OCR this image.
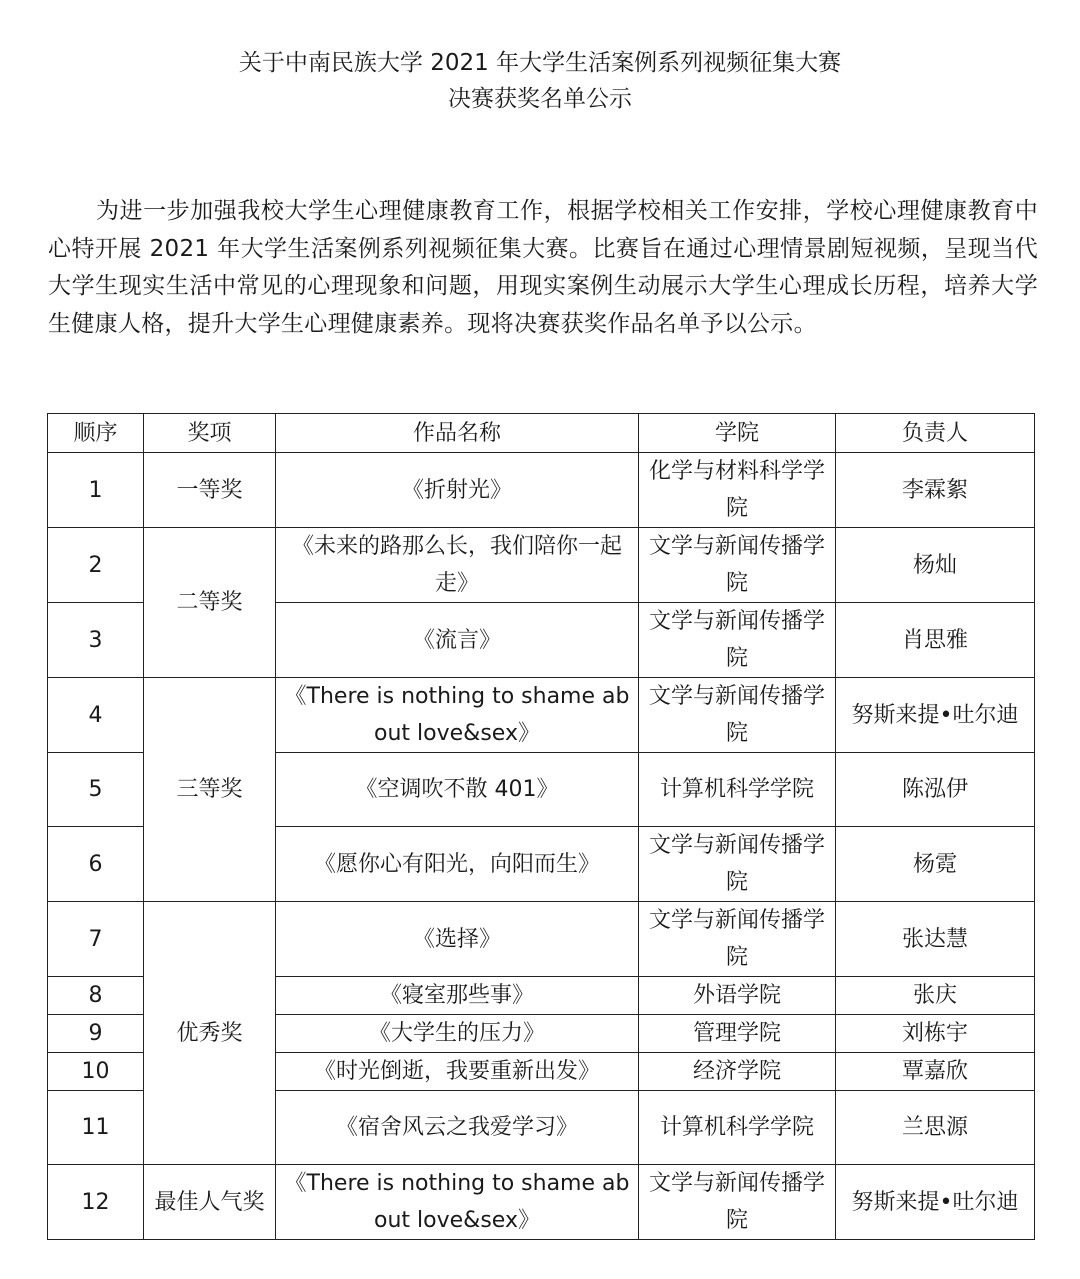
关于中南民族大学 2021 年大学生活案例系列视频征集大赛
决赛获奖名单公示

为进一步加强我校大学生心理健康教育工作，根据学校相关工作安排，学校心理健康教育中心特开展 2021 年大学生活案例系列视频征集大赛。比赛旨在通过心理情景剧短视频，呈现当代大学生现实生活中常见的心理现象和问题，用现实案例生动展示大学生心理成长历程，培养大学生健康人格，提升大学生心理健康素养。现将决赛获奖作品名单予以公示。

顺序	奖项	作品名称	学院	负责人
1	一等奖	《折射光》	化学与材料科学学院	李霖絮
2	二等奖	《未来的路那么长，我们陪你一起走》	文学与新闻传播学院	杨灿
3		《流言》	文学与新闻传播学院	肖思雅
4	三等奖	《There is nothing to shame about love&sex》	文学与新闻传播学院	努斯来提•吐尔迪
5		《空调吹不散 401》	计算机科学学院	陈泓伊
6		《愿你心有阳光，向阳而生》	文学与新闻传播学院	杨霓
7	优秀奖	《选择》	文学与新闻传播学院	张达慧
8		《寝室那些事》	外语学院	张庆
9		《大学生的压力》	管理学院	刘栋宇
10		《时光倒逝，我要重新出发》	经济学院	覃嘉欣
11		《宿舍风云之我爱学习》	计算机科学学院	兰思源
12	最佳人气奖	《There is nothing to shame about love&sex》	文学与新闻传播学院	努斯来提•吐尔迪
